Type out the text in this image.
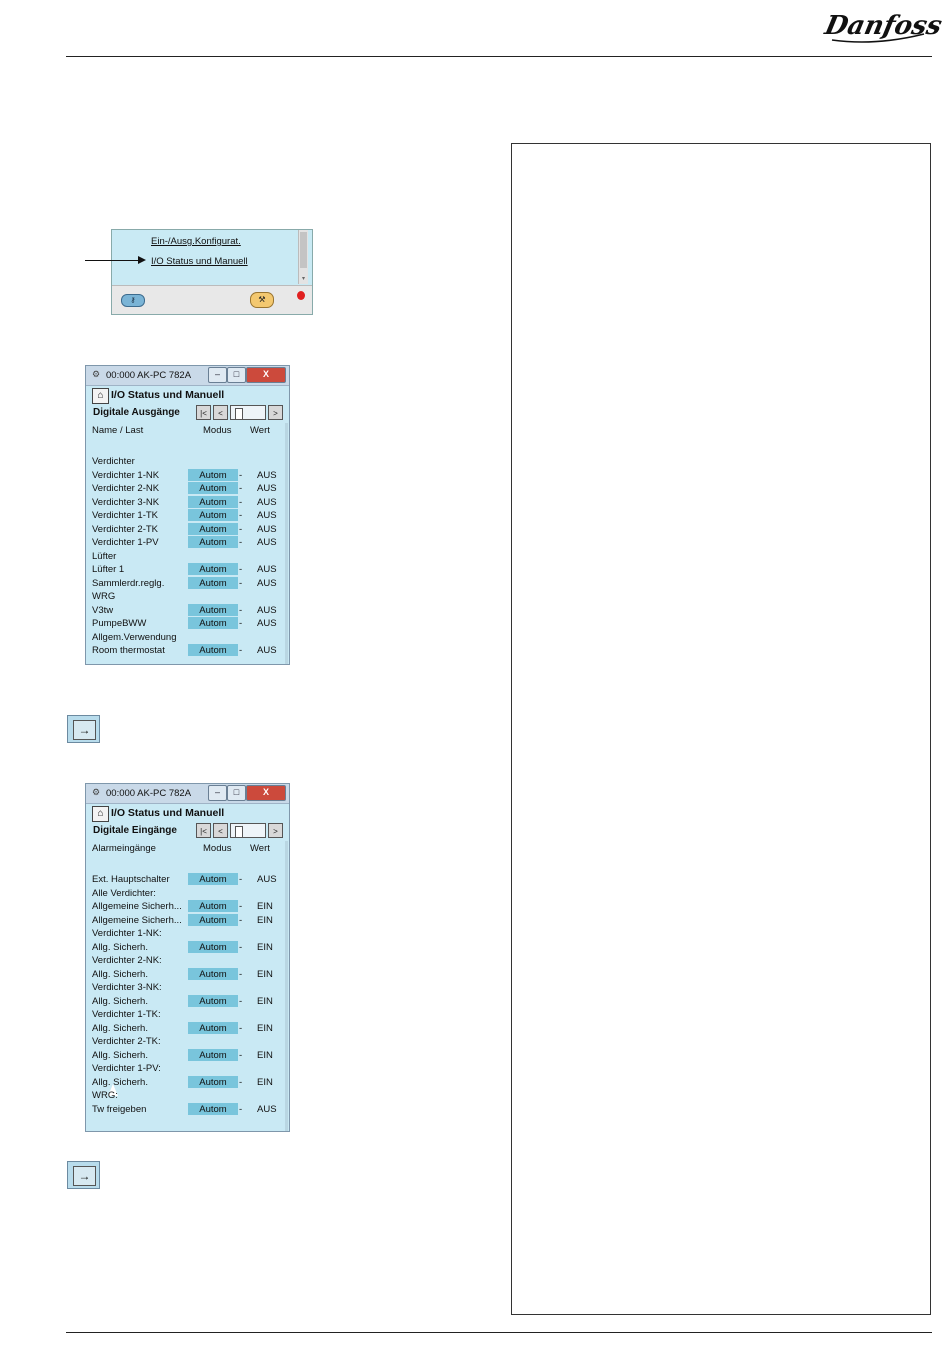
Danfoss
Ein-/Ausg.Konfigurat.
I/O Status und Manuell
▾
⚷	⚒
⚙ 00:000 AK-PC 782A	‒	□	X
⌂ I/O Status und Manuell
Digitale Ausgänge	|<	<	>
Name / Last	Modus Wert
Verdichter
Verdichter 1-NK	Autom	- AUS
Verdichter 2-NK	Autom	- AUS
Verdichter 3-NK	Autom	- AUS
Verdichter 1-TK	Autom	- AUS
Verdichter 2-TK	Autom	- AUS
Verdichter 1-PV	Autom	- AUS
Lüfter
Lüfter 1	Autom	- AUS
Sammlerdr.reglg.	Autom	- AUS
WRG
V3tw	Autom	- AUS
PumpeBWW	Autom	- AUS
Allgem.Verwendung
Room thermostat	Autom	- AUS
→
⚙ 00:000 AK-PC 782A	‒	□	X
⌂ I/O Status und Manuell
Digitale Eingänge	|<	<	>
Alarmeingänge	Modus Wert
Ext. Hauptschalter	Autom	- AUS
Alle Verdichter:
Allgemeine Sicherh...	Autom	- EIN
Allgemeine Sicherh...	Autom	- EIN
Verdichter 1-NK:
Allg. Sicherh.	Autom	- EIN
Verdichter 2-NK:
Allg. Sicherh.	Autom	- EIN
Verdichter 3-NK:
Allg. Sicherh.	Autom	- EIN
Verdichter 1-TK:
Allg. Sicherh.	Autom	- EIN
Verdichter 2-TK:
Allg. Sicherh.	Autom	- EIN
Verdichter 1-PV:
Allg. Sicherh.	Autom	- EIN
WRG:
Tw freigeben	Autom	- AUS
→
